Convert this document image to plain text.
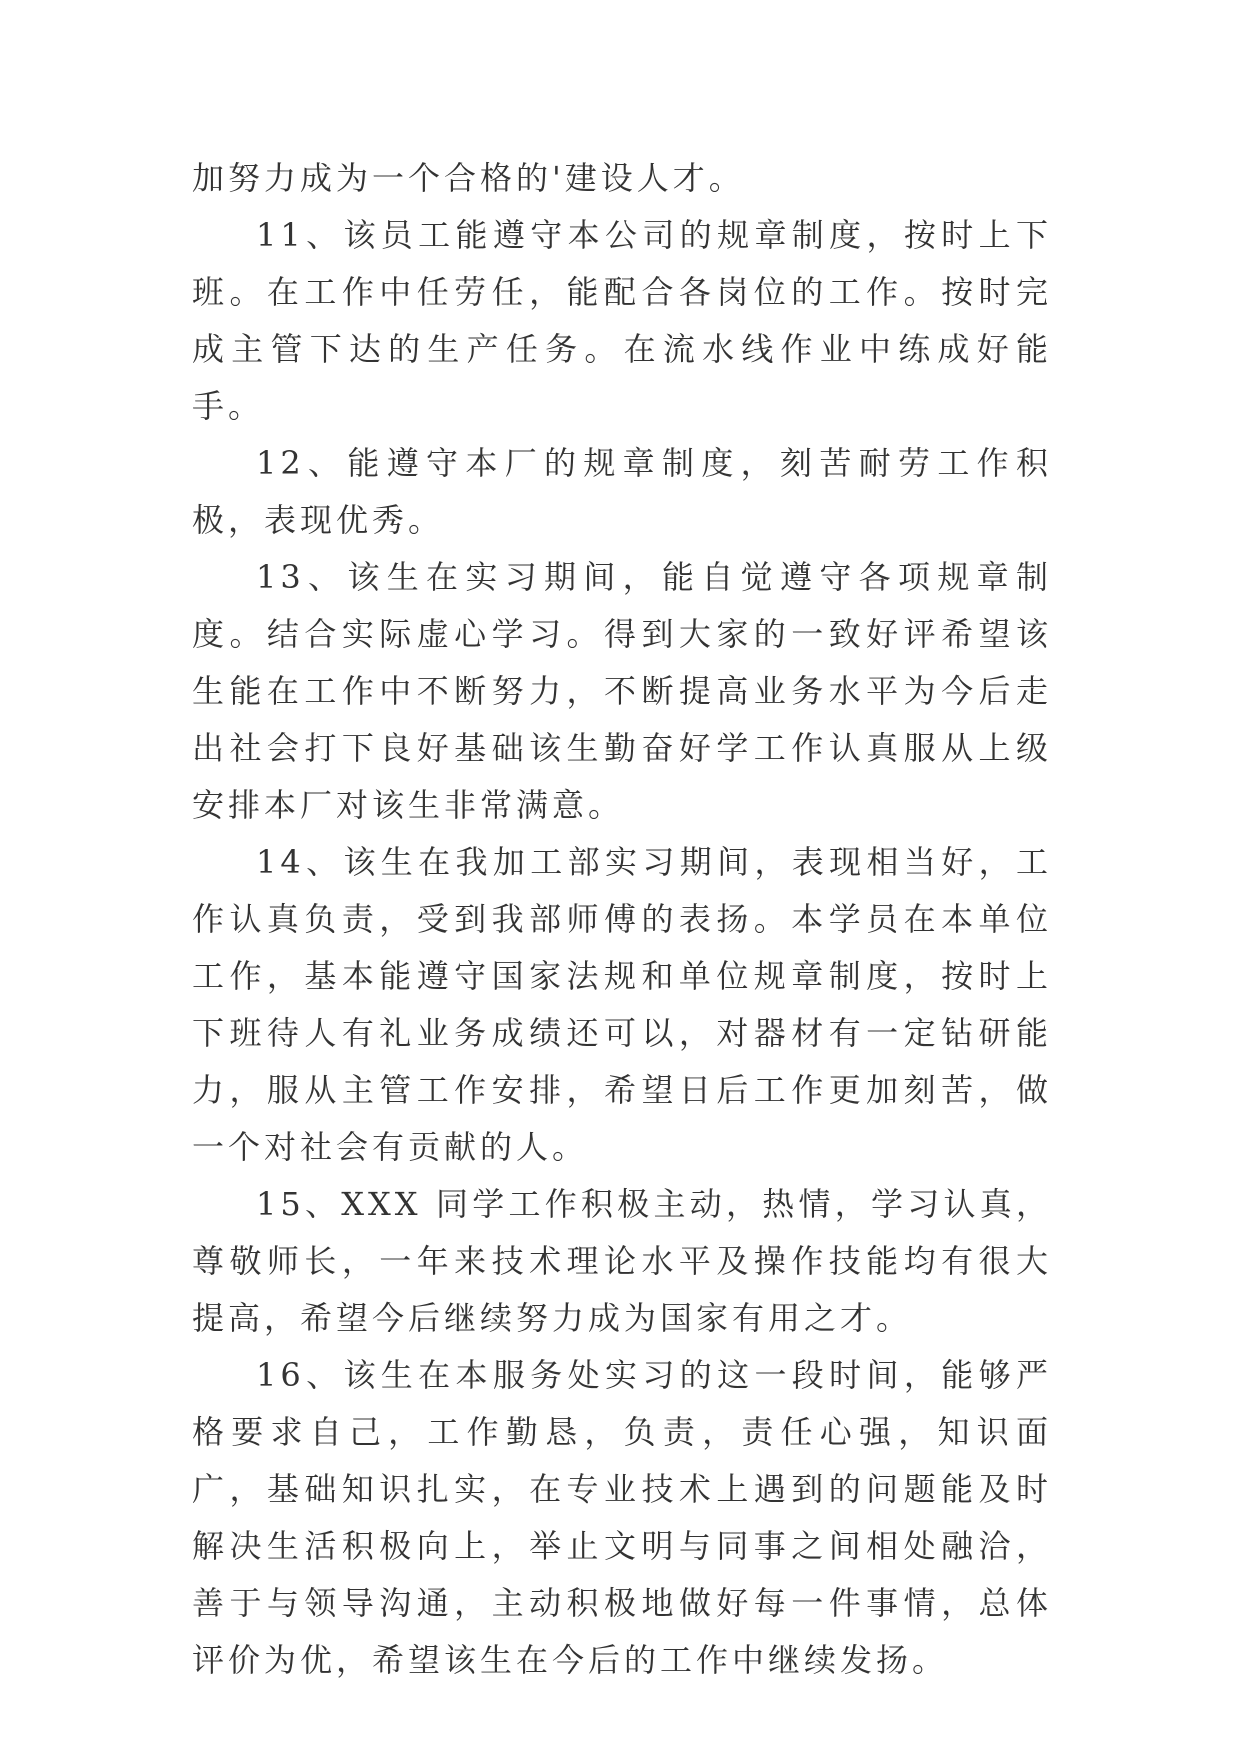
加努力成为一个合格的'建设人才。

11、该员工能遵守本公司的规章制度，按时上下班。在工作中任劳任，能配合各岗位的工作。按时完成主管下达的生产任务。在流水线作业中练成好能手。

12、能遵守本厂的规章制度，刻苦耐劳工作积极，表现优秀。

13、该生在实习期间，能自觉遵守各项规章制度。结合实际虚心学习。得到大家的一致好评希望该生能在工作中不断努力，不断提高业务水平为今后走出社会打下良好基础该生勤奋好学工作认真服从上级安排本厂对该生非常满意。

14、该生在我加工部实习期间，表现相当好，工作认真负责，受到我部师傅的表扬。本学员在本单位工作，基本能遵守国家法规和单位规章制度，按时上下班待人有礼业务成绩还可以，对器材有一定钻研能力，服从主管工作安排，希望日后工作更加刻苦，做一个对社会有贡献的人。

15、XXX 同学工作积极主动，热情，学习认真，尊敬师长，一年来技术理论水平及操作技能均有很大提高，希望今后继续努力成为国家有用之才。

16、该生在本服务处实习的这一段时间，能够严格要求自己，工作勤恳，负责，责任心强，知识面广，基础知识扎实，在专业技术上遇到的问题能及时解决生活积极向上，举止文明与同事之间相处融洽，善于与领导沟通，主动积极地做好每一件事情，总体评价为优，希望该生在今后的工作中继续发扬。
